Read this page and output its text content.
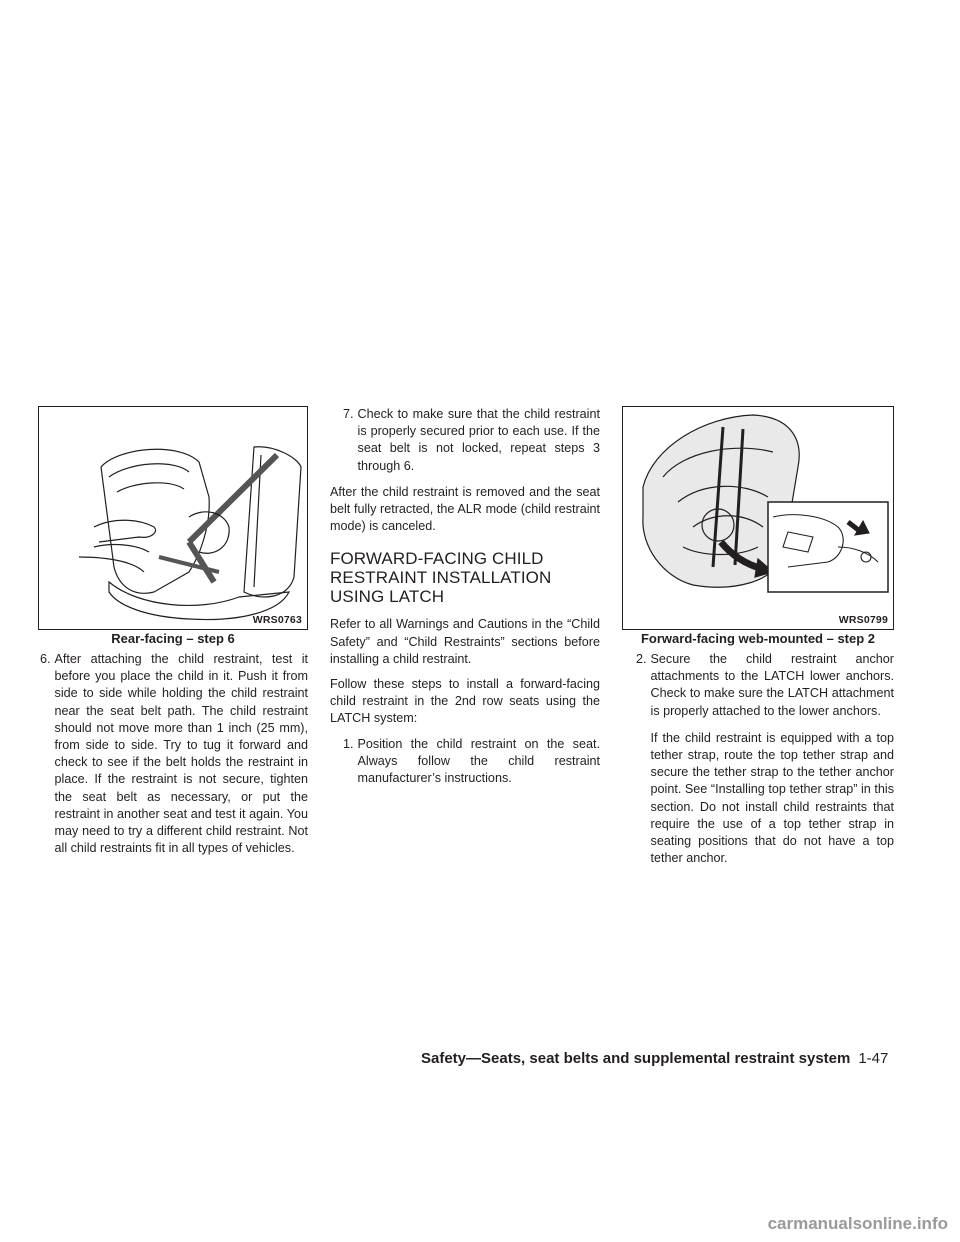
WRS0763
Rear-facing – step 6
WRS0799
Forward-facing web-mounted – step 2
6. After attaching the child restraint, test it before you place the child in it. Push it from side to side while holding the child restraint near the seat belt path. The child restraint should not move more than 1 inch (25 mm), from side to side. Try to tug it forward and check to see if the belt holds the restraint in place. If the restraint is not secure, tighten the seat belt as necessary, or put the restraint in another seat and test it again. You may need to try a different child restraint. Not all child restraints fit in all types of vehicles.
7. Check to make sure that the child restraint is properly secured prior to each use. If the seat belt is not locked, repeat steps 3 through 6.

After the child restraint is removed and the seat belt fully retracted, the ALR mode (child restraint mode) is canceled.

FORWARD-FACING CHILD RESTRAINT INSTALLATION USING LATCH

Refer to all Warnings and Cautions in the “Child Safety” and “Child Restraints” sections before installing a child restraint.

Follow these steps to install a forward-facing child restraint in the 2nd row seats using the LATCH system:

1. Position the child restraint on the seat. Always follow the child restraint manufacturer’s instructions.
2. Secure the child restraint anchor attachments to the LATCH lower anchors. Check to make sure the LATCH attachment is properly attached to the lower anchors.
If the child restraint is equipped with a top tether strap, route the top tether strap and secure the tether strap to the tether anchor point. See “Installing top tether strap” in this section. Do not install child restraints that require the use of a top tether strap in seating positions that do not have a top tether anchor.
Safety—Seats, seat belts and supplemental restraint system 1-47
carmanualsonline.info
